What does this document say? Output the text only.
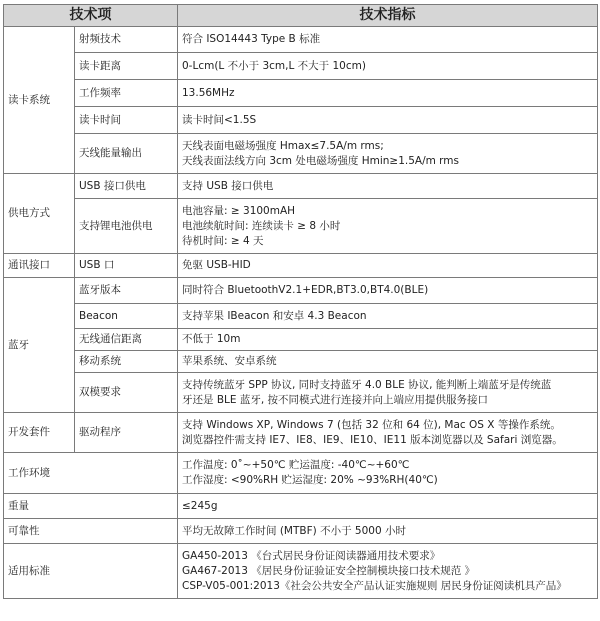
技术项		技术指标
读卡系统	射频技术	符合 ISO14443 Type B 标准

	读卡距离	0-Lcm(L 不小于 3cm,L 不大于 10cm)

	工作频率	13.56MHz

	读卡时间	读卡时间<1.5S

	天线能量输出	天线表面电磁场强度 Hmax≤7.5A/m rms;
天线表面法线方向 3cm 处电磁场强度 Hmin≥1.5A/m rms

供电方式	USB 接口供电	支持 USB 接口供电

	支持锂电池供电	电池容量: ≥ 3100mAH
电池续航时间: 连续读卡 ≥ 8 小时
待机时间: ≥ 4 天

通讯接口	USB 口	免驱 USB-HID

蓝牙	蓝牙版本	同时符合 BluetoothV2.1+EDR,BT3.0,BT4.0(BLE)

	Beacon	支持苹果 IBeacon 和安卓 4.3 Beacon

	无线通信距离	不低于 10m

	移动系统	苹果系统、安卓系统

	双模要求	支持传统蓝牙 SPP 协议, 同时支持蓝牙 4.0 BLE 协议, 能判断上端蓝牙是传统蓝
牙还是 BLE 蓝牙, 按不同模式进行连接并向上端应用提供服务接口

开发套件	驱动程序	支持 Windows XP, Windows 7 (包括 32 位和 64 位), Mac OS X 等操作系统。
浏览器控件需支持 IE7、IE8、IE9、IE10、IE11 版本浏览器以及 Safari 浏览器。

工作环境		工作温度: 0˚~+50℃ 贮运温度: -40℃~+60℃
工作湿度: <90%RH 贮运湿度: 20% ~93%RH(40℃)

重量		≤245g

可靠性		平均无故障工作时间 (MTBF) 不小于 5000 小时

适用标准		GA450-2013 《台式居民身份证阅读器通用技术要求》
GA467-2013 《居民身份证验证安全控制模块接口技术规范 》
CSP-V05-001:2013《社会公共安全产品认证实施规则 居民身份证阅读机具产品》
